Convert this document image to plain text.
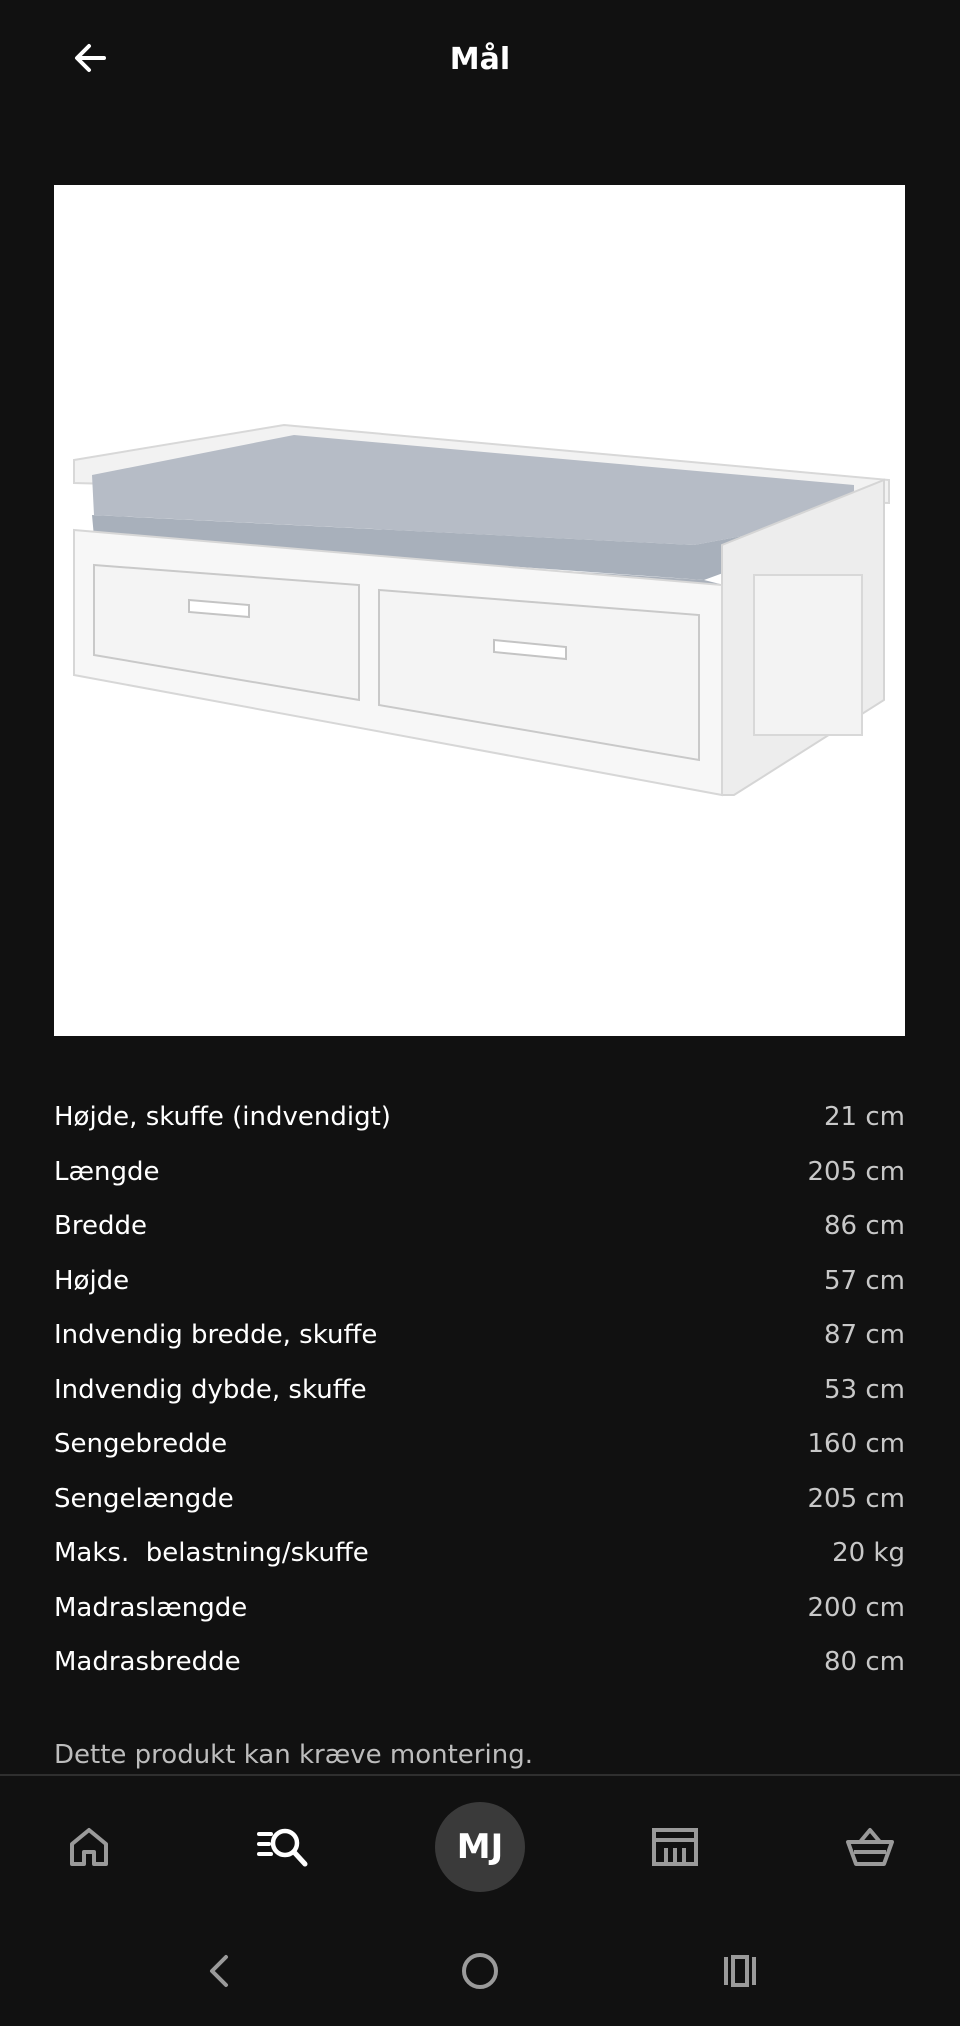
Mål
Højde, skuffe (indvendigt)	21 cm
Længde	205 cm
Bredde	86 cm
Højde	57 cm
Indvendig bredde, skuffe	87 cm
Indvendig dybde, skuffe	53 cm
Sengebredde	160 cm
Sengelængde	205 cm
Maks.  belastning/skuffe	20 kg
Madraslængde	200 cm
Madrasbredde	80 cm
Dette produkt kan kræve montering.
MJ
